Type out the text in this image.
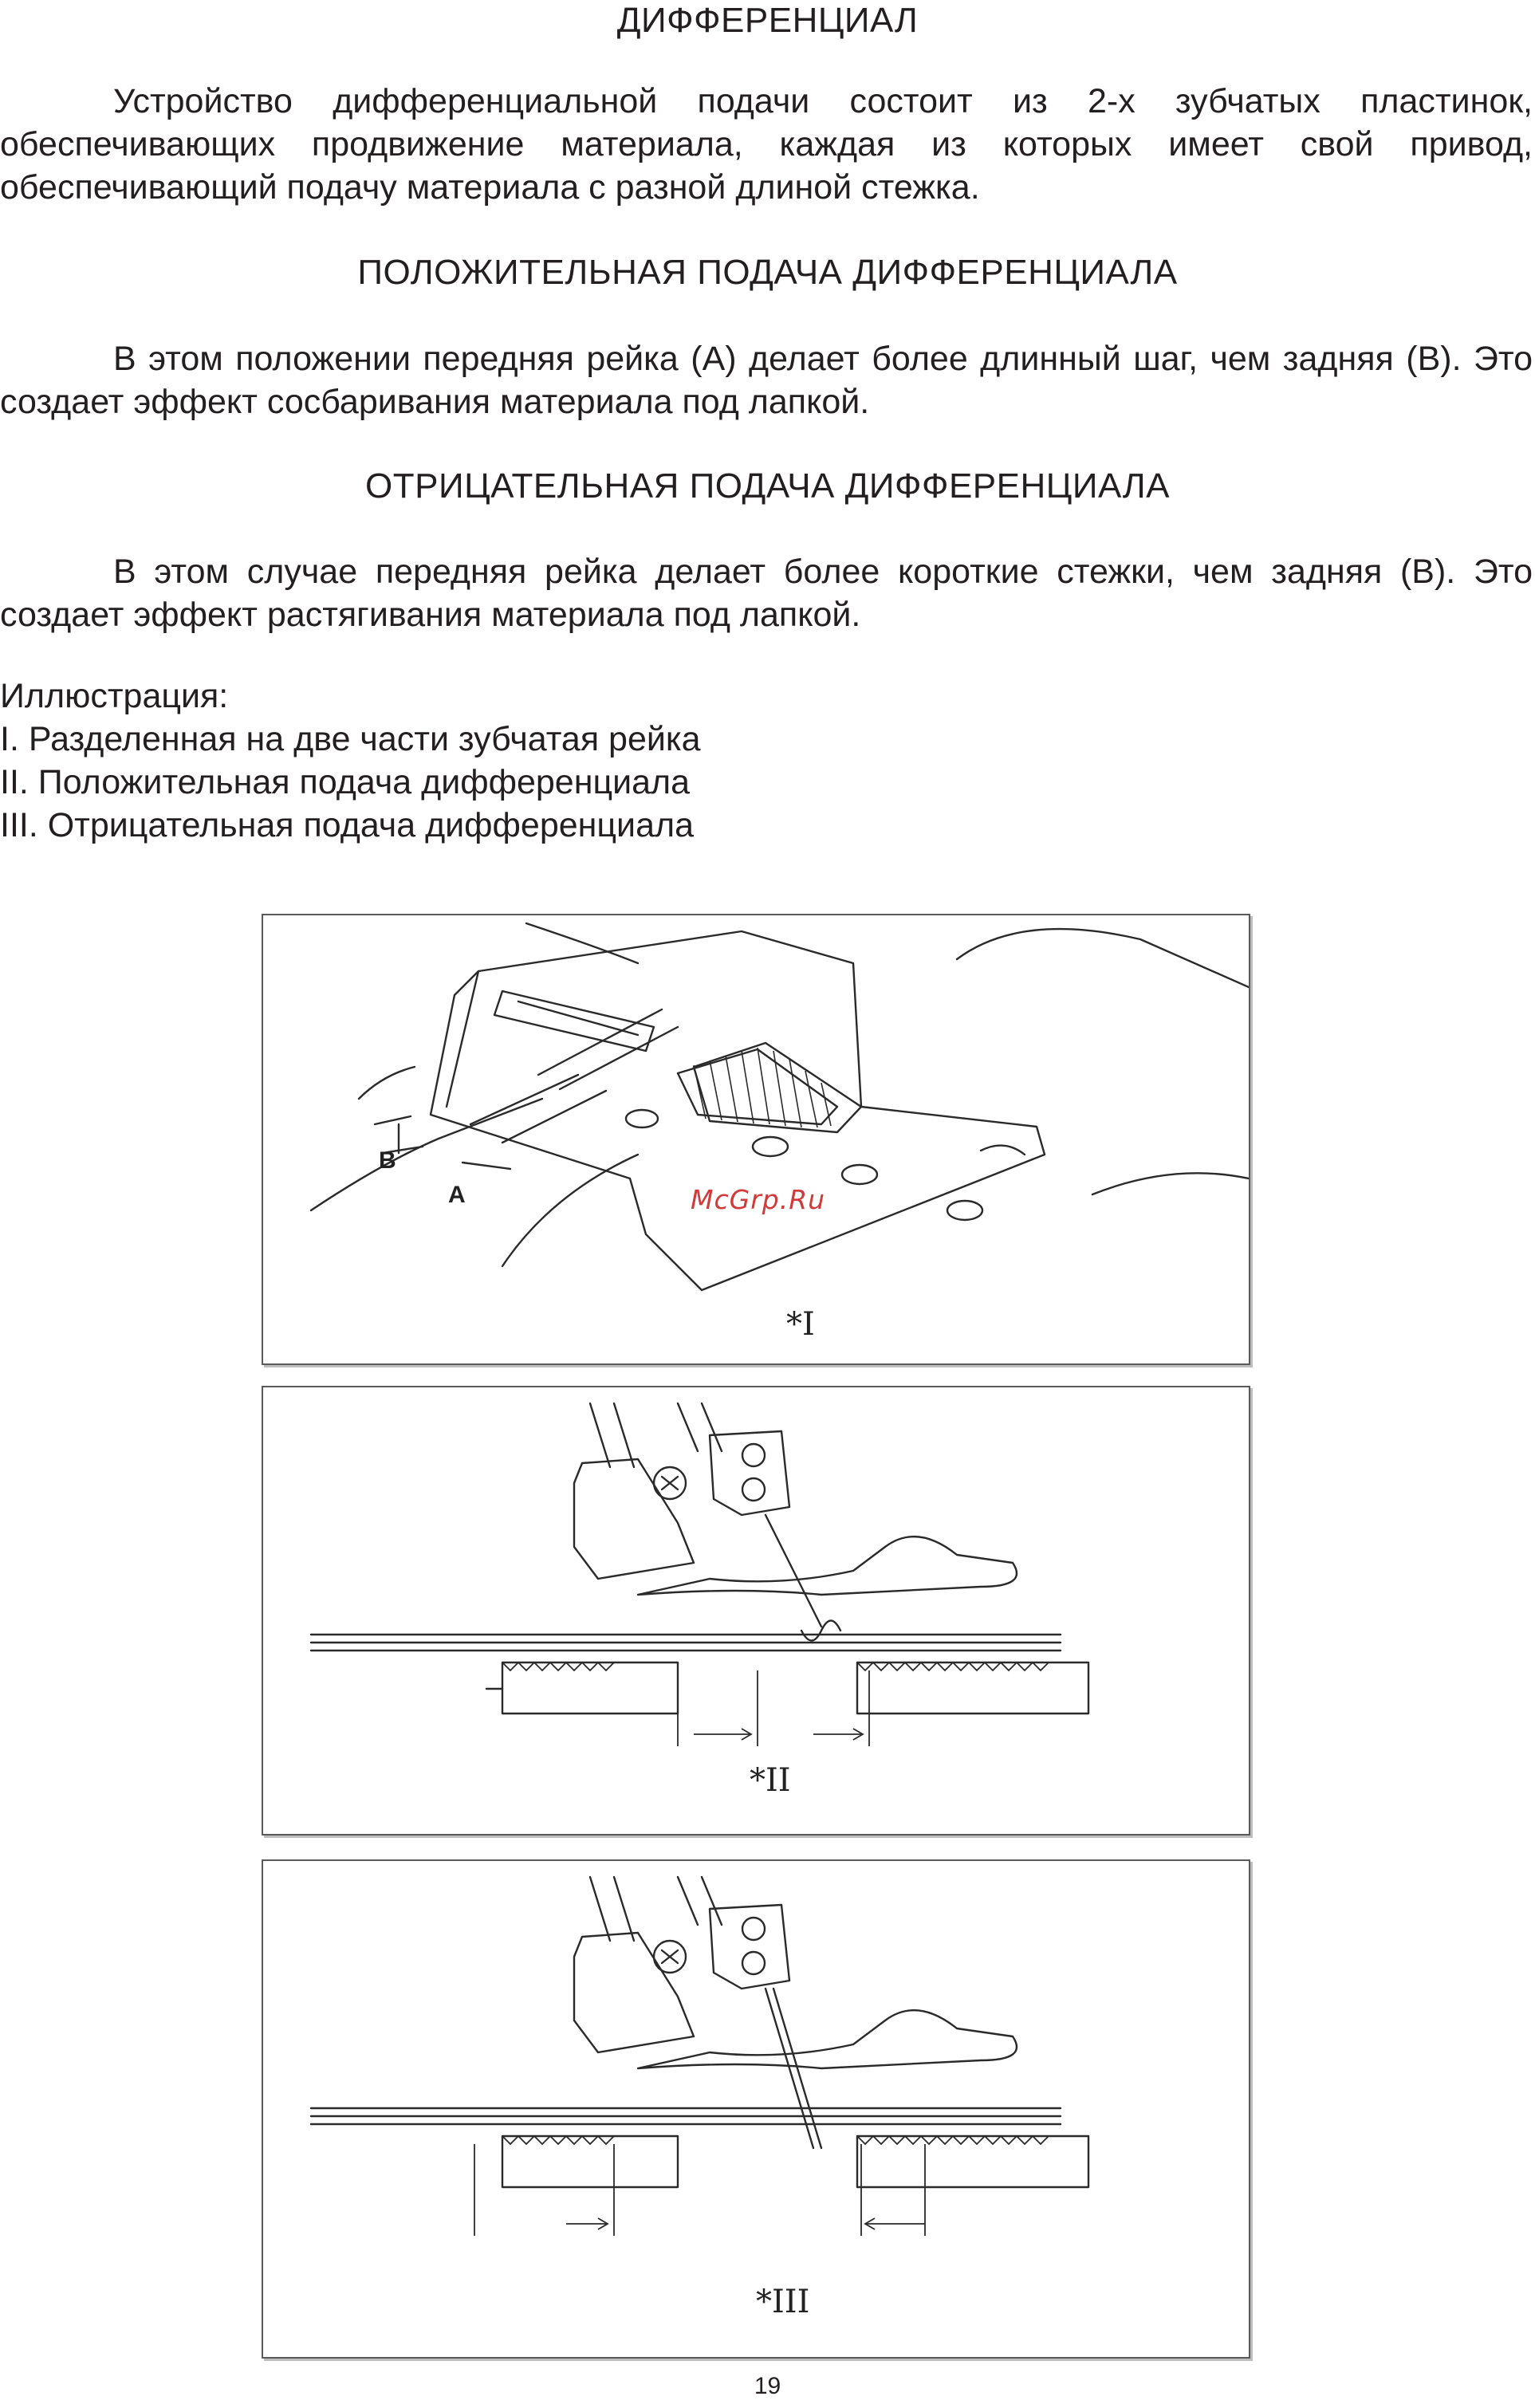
ДИФФЕРЕНЦИАЛ

Устройство дифференциальной подачи состоит из 2-х зубчатых пластинок, обеспечивающих продвижение материала, каждая из которых имеет свой привод, обеспечивающий подачу материала с разной длиной стежка.

ПОЛОЖИТЕЛЬНАЯ ПОДАЧА ДИФФЕРЕНЦИАЛА

В этом положении передняя рейка (А) делает более длинный шаг, чем задняя (В). Это создает эффект сосбаривания материала под лапкой.

ОТРИЦАТЕЛЬНАЯ ПОДАЧА ДИФФЕРЕНЦИАЛА

В этом случае передняя рейка делает более короткие стежки, чем задняя (В). Это создает эффект растягивания материала под лапкой.

Иллюстрация:
I. Разделенная на две части зубчатая рейка
II. Положительная подача дифференциала
III. Отрицательная подача дифференциала
B
A
*I
*II
*III
McGrp.Ru
19
